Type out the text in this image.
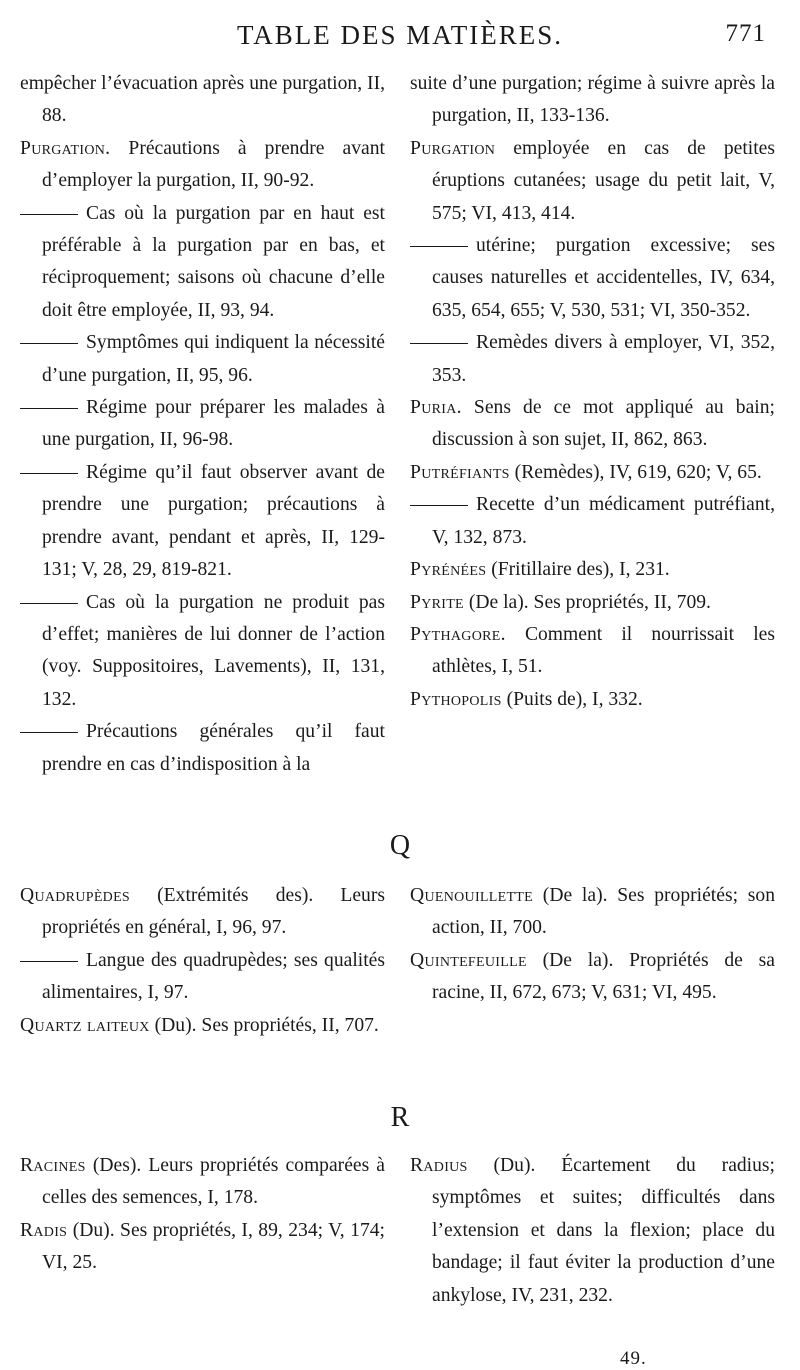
TABLE DES MATIÈRES.	771

empêcher l’évacuation après une purgation, II, 88.

Purgation. Précautions à prendre avant d’employer la purgation, II, 90-92.

Cas où la purgation par en haut est préférable à la purgation par en bas, et réciproquement; saisons où chacune d’elle doit être employée, II, 93, 94.

Symptômes qui indiquent la nécessité d’une purgation, II, 95, 96.

Régime pour préparer les malades à une purgation, II, 96-98.

Régime qu’il faut observer avant de prendre une purgation; précautions à prendre avant, pendant et après, II, 129-131; V, 28, 29, 819-821.

Cas où la purgation ne produit pas d’effet; manières de lui donner de l’action (voy. Suppositoires, Lavements), II, 131, 132.

Précautions générales qu’il faut prendre en cas d’indisposition à la

suite d’une purgation; régime à suivre après la purgation, II, 133-136.

Purgation employée en cas de petites éruptions cutanées; usage du petit lait, V, 575; VI, 413, 414.

utérine; purgation excessive; ses causes naturelles et accidentelles, IV, 634, 635, 654, 655; V, 530, 531; VI, 350-352.

Remèdes divers à employer, VI, 352, 353.

Puria. Sens de ce mot appliqué au bain; discussion à son sujet, II, 862, 863.

Putréfiants (Remèdes), IV, 619, 620; V, 65.

Recette d’un médicament putréfiant, V, 132, 873.

Pyrénées (Fritillaire des), I, 231.

Pyrite (De la). Ses propriétés, II, 709.

Pythagore. Comment il nourrissait les athlètes, I, 51.

Pythopolis (Puits de), I, 332.

Q

Quadrupèdes (Extrémités des). Leurs propriétés en général, I, 96, 97.

Langue des quadrupèdes; ses qualités alimentaires, I, 97.

Quartz laiteux (Du). Ses propriétés, II, 707.

Quenouillette (De la). Ses propriétés; son action, II, 700.

Quintefeuille (De la). Propriétés de sa racine, II, 672, 673; V, 631; VI, 495.

R

Racines (Des). Leurs propriétés comparées à celles des semences, I, 178.

Radis (Du). Ses propriétés, I, 89, 234; V, 174; VI, 25.

Radius (Du). Écartement du radius; symptômes et suites; difficultés dans l’extension et dans la flexion; place du bandage; il faut éviter la production d’une ankylose, IV, 231, 232.

49.
